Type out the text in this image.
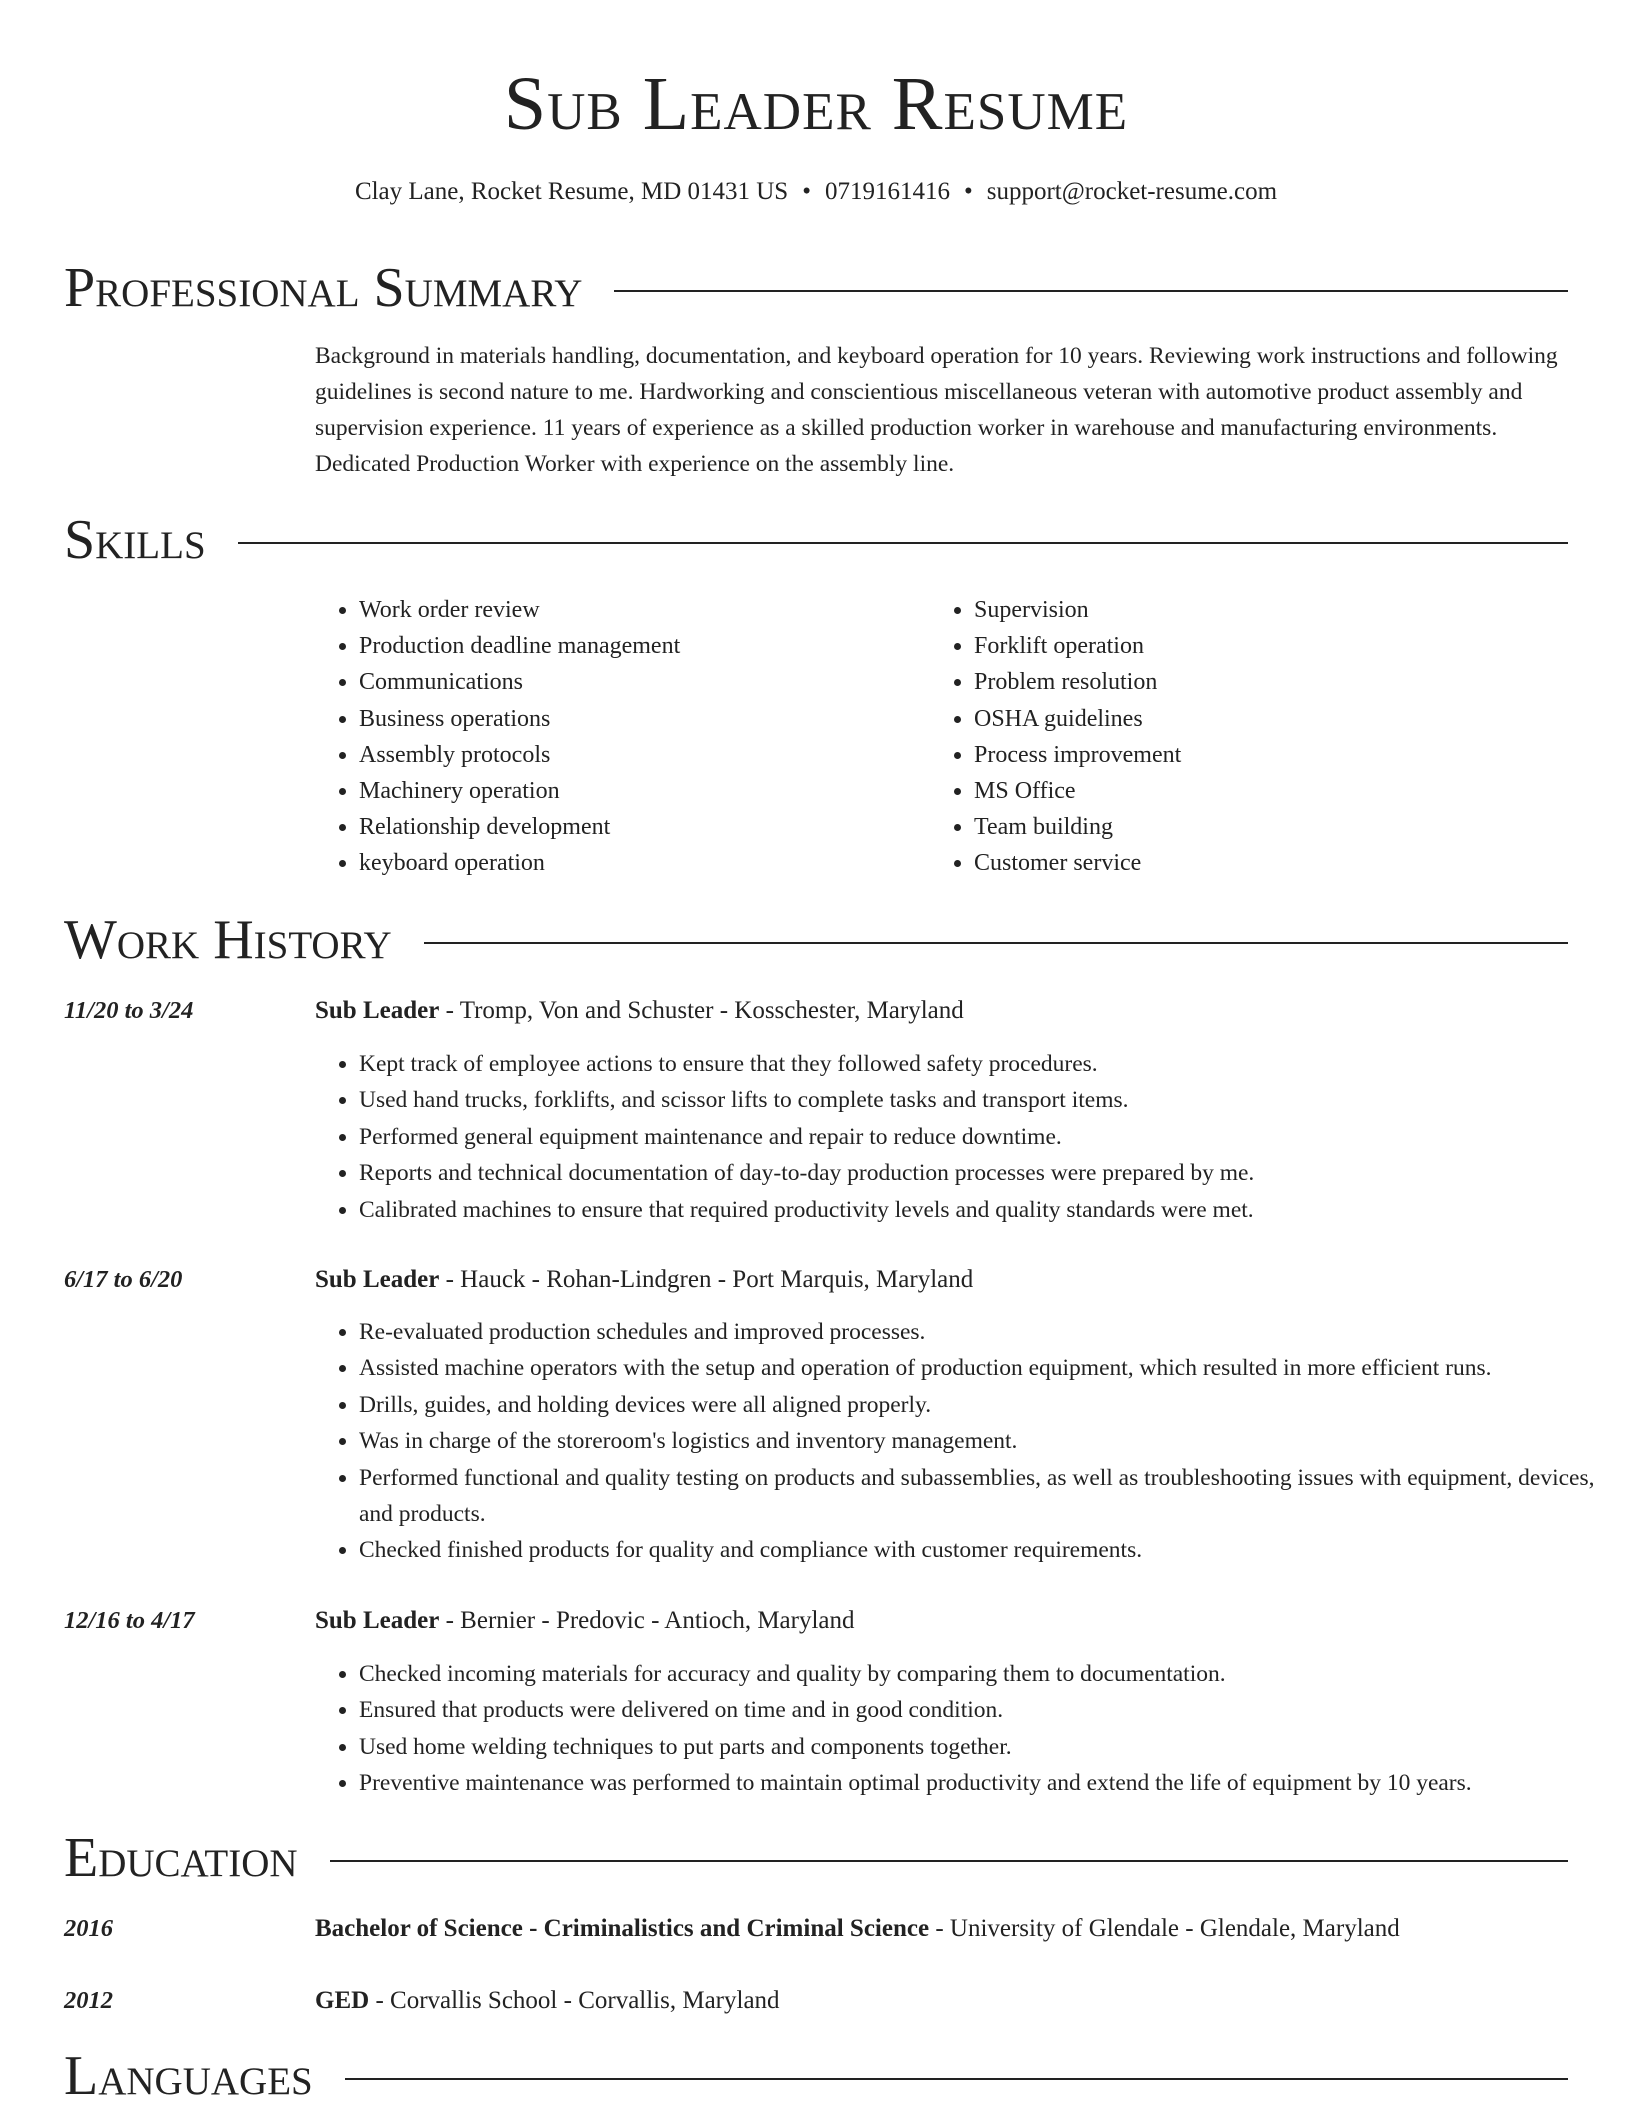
Sub Leader Resume
Clay Lane, Rocket Resume, MD 01431 US • 0719161416 • support@rocket-resume.com
Professional Summary

Background in materials handling, documentation, and keyboard operation for 10 years. Reviewing work instructions and following guidelines is second nature to me. Hardworking and conscientious miscellaneous veteran with automotive product assembly and supervision experience. 11 years of experience as a skilled production worker in warehouse and manufacturing environments. Dedicated Production Worker with experience on the assembly line.

Skills
• Work order review
• Production deadline management
• Communications
• Business operations
• Assembly protocols
• Machinery operation
• Relationship development
• keyboard operation
• Supervision
• Forklift operation
• Problem resolution
• OSHA guidelines
• Process improvement
• MS Office
• Team building
• Customer service
Work History
11/20 to 3/24	Sub Leader - Tromp, Von and Schuster - Kosschester, Maryland
• Kept track of employee actions to ensure that they followed safety procedures.
• Used hand trucks, forklifts, and scissor lifts to complete tasks and transport items.
• Performed general equipment maintenance and repair to reduce downtime.
• Reports and technical documentation of day-to-day production processes were prepared by me.
• Calibrated machines to ensure that required productivity levels and quality standards were met.
6/17 to 6/20	Sub Leader - Hauck - Rohan-Lindgren - Port Marquis, Maryland
• Re-evaluated production schedules and improved processes.
• Assisted machine operators with the setup and operation of production equipment, which resulted in more efficient runs.
• Drills, guides, and holding devices were all aligned properly.
• Was in charge of the storeroom's logistics and inventory management.
• Performed functional and quality testing on products and subassemblies, as well as troubleshooting issues with equipment, devices, and products.
• Checked finished products for quality and compliance with customer requirements.
12/16 to 4/17	Sub Leader - Bernier - Predovic - Antioch, Maryland
• Checked incoming materials for accuracy and quality by comparing them to documentation.
• Ensured that products were delivered on time and in good condition.
• Used home welding techniques to put parts and components together.
• Preventive maintenance was performed to maintain optimal productivity and extend the life of equipment by 10 years.
Education
2016	Bachelor of Science - Criminalistics and Criminal Science - University of Glendale - Glendale, Maryland
2012	GED - Corvallis School - Corvallis, Maryland
Languages
